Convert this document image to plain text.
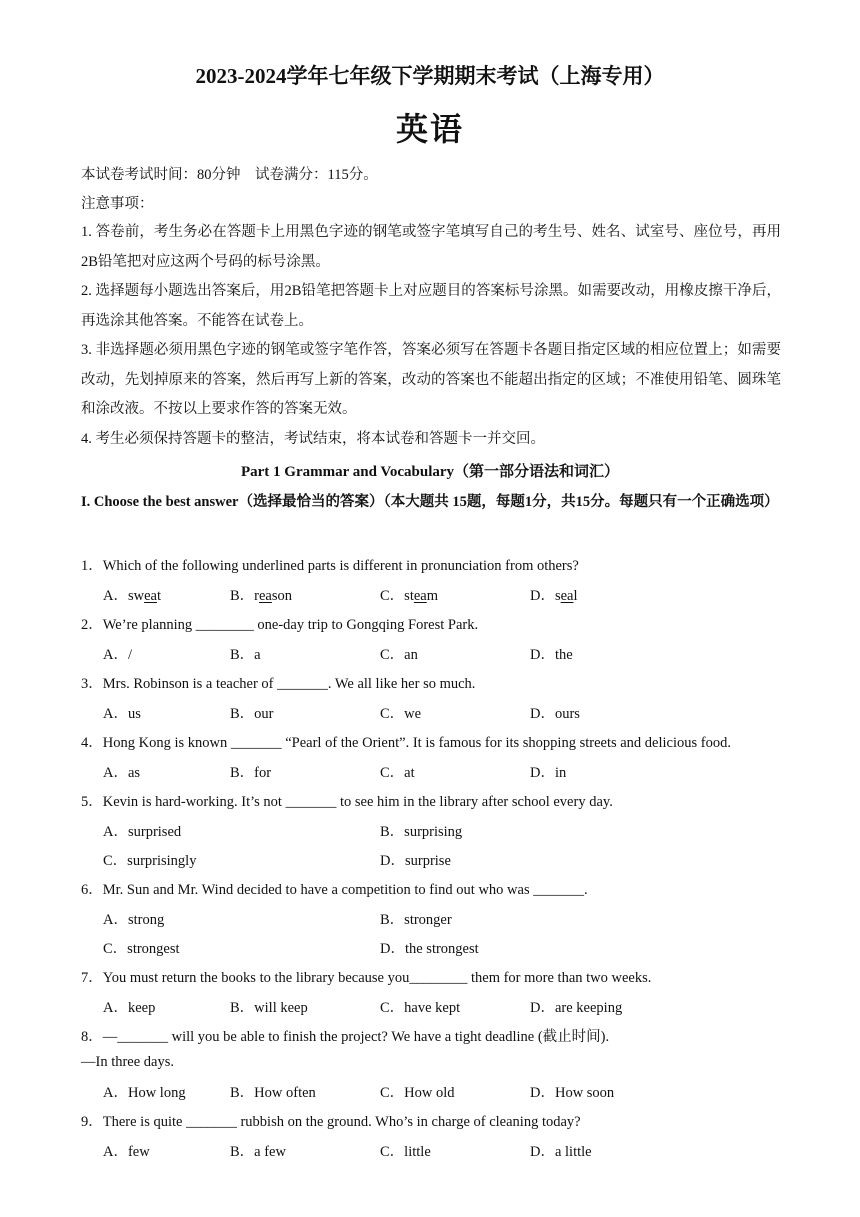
2023-2024学年七年级下学期期末考试（上海专用）
英语
本试卷考试时间：80分钟　试卷满分：115分。
注意事项：
1. 答卷前，考生务必在答题卡上用黑色字迹的钢笔或签字笔填写自己的考生号、姓名、试室号、座位号，再用2B铅笔把对应这两个号码的标号涂黑。
2. 选择题每小题选出答案后，用2B铅笔把答题卡上对应题目的答案标号涂黑。如需要改动，用橡皮擦干净后，再选涂其他答案。不能答在试卷上。
3. 非选择题必须用黑色字迹的钢笔或签字笔作答，答案必须写在答题卡各题目指定区域的相应位置上；如需要改动，先划掉原来的答案，然后再写上新的答案，改动的答案也不能超出指定的区域；不准使用铅笔、圆珠笔和涂改液。不按以上要求作答的答案无效。
4. 考生必须保持答题卡的整洁，考试结束，将本试卷和答题卡一并交回。
Part 1 Grammar and Vocabulary（第一部分语法和词汇）
I. Choose the best answer（选择最恰当的答案）（本大题共 15题，每题1分，共15分。每题只有一个正确选项）
1．Which of the following underlined parts is different in pronunciation from others?
A．sweat	B．reason	C．steam	D．seal
2．We’re planning ________ one-day trip to Gongqing Forest Park.
A．/	B．a	C．an	D．the
3．Mrs. Robinson is a teacher of _______. We all like her so much.
A．us	B．our	C．we	D．ours
4．Hong Kong is known _______ “Pearl of the Orient”. It is famous for its shopping streets and delicious food.
A．as	B．for	C．at	D．in
5．Kevin is hard-working. It’s not _______ to see him in the library after school every day.
A．surprised	B．surprising
C．surprisingly	D．surprise
6．Mr. Sun and Mr. Wind decided to have a competition to find out who was _______.
A．strong	B．stronger
C．strongest	D．the strongest
7．You must return the books to the library because you________ them for more than two weeks.
A．keep	B．will keep	C．have kept	D．are keeping
8．—_______ will you be able to finish the project? We have a tight deadline (截止时间).
—In three days.
A．How long	B．How often	C．How old	D．How soon
9．There is quite _______ rubbish on the ground. Who’s in charge of cleaning today?
A．few	B．a few	C．little	D．a little
